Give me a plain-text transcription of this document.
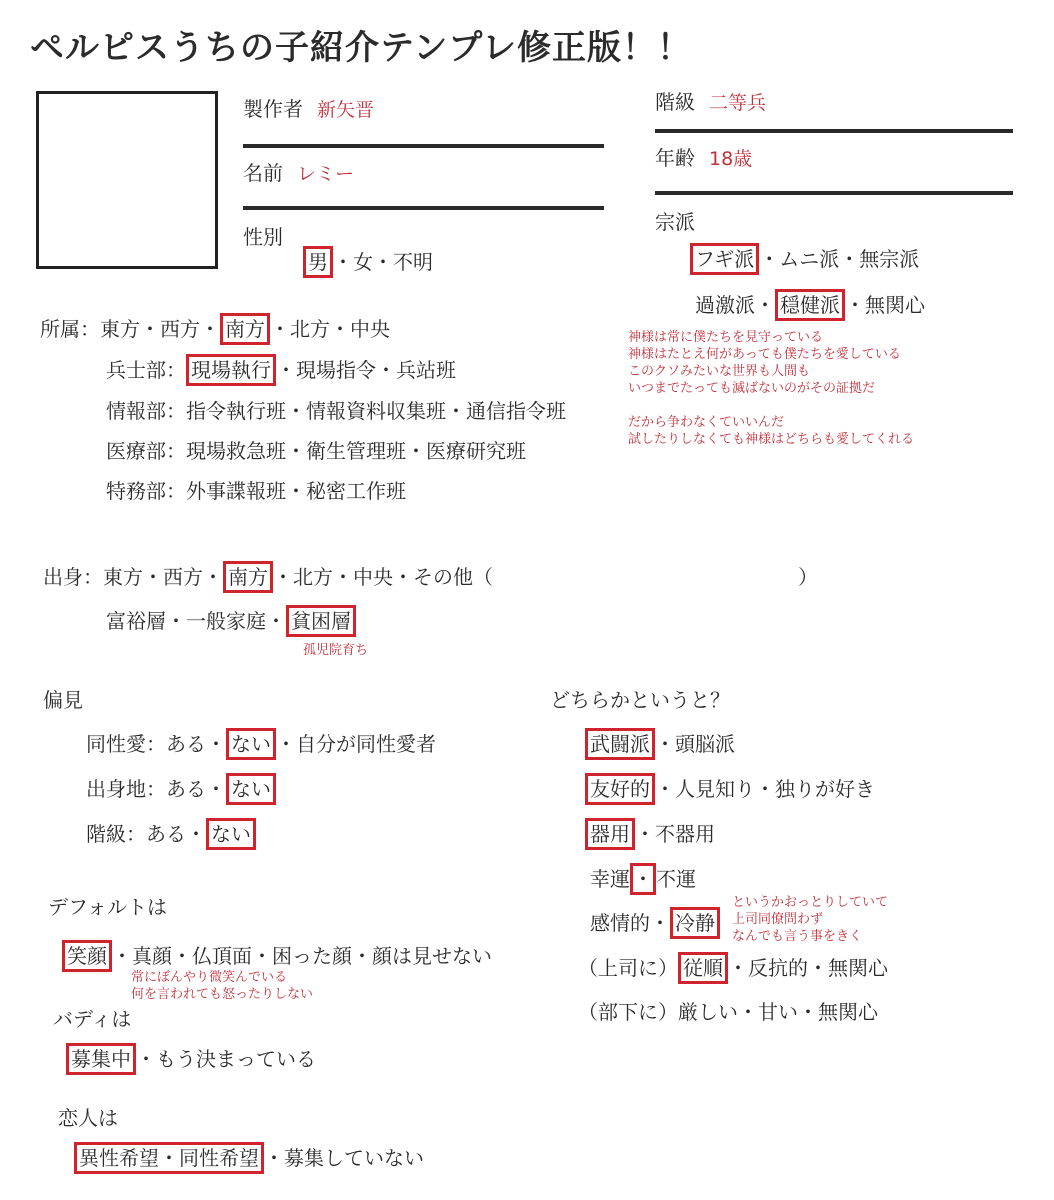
ペルピスうちの子紹介テンプレ修正版！！
製作者 新矢晋
名前 レミー
性別
男 ・女・不明
階級 二等兵
年齢 18歳
宗派
フギ派 ・ムニ派・無宗派
過激派・ 穏健派 ・無関心
神様は常に僕たちを見守っている
神様はたとえ何があっても僕たちを愛している
このクソみたいな世界も人間も
いつまでたっても滅ばないのがその証拠だ

だから争わなくていいんだ
試したりしなくても神様はどちらも愛してくれる
所属：東方・西方・ 南方 ・北方・中央
兵士部： 現場執行 ・現場指令・兵站班
情報部：指令執行班・情報資料収集班・通信指令班
医療部：現場救急班・衛生管理班・医療研究班
特務部：外事諜報班・秘密工作班
出身：東方・西方・ 南方 ・北方・中央・その他（	）
富裕層・一般家庭・ 貧困層
孤児院育ち
偏見
同性愛：ある・ ない ・自分が同性愛者
出身地：ある・ ない
階級：ある・ ない
デフォルトは
笑顔 ・真顔・仏頂面・困った顔・顔は見せない
常にぼんやり微笑んでいる
何を言われても怒ったりしない
バディは
募集中 ・もう決まっている
恋人は
異性希望・同性希望 ・募集していない
どちらかというと？
武闘派 ・頭脳派
友好的 ・人見知り・独りが好き
器用 ・不器用
幸運 ・ 不運
感情的・ 冷静
というかおっとりしていて
上司同僚問わず
なんでも言う事をきく
（上司に） 従順 ・反抗的・無関心
（部下に）厳しい・甘い・無関心
